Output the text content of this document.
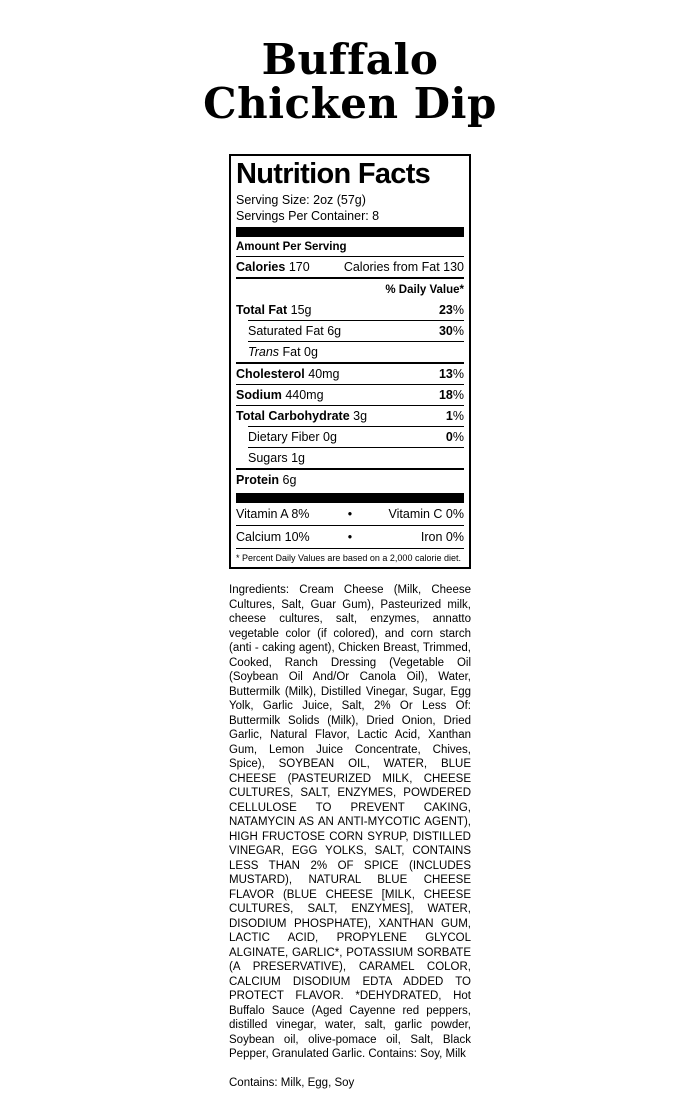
Buffalo
Chicken Dip
Nutrition Facts
Serving Size: 2oz (57g)
Servings Per Container: 8
Amount Per Serving
Calories 170	Calories from Fat 130
% Daily Value*
Total Fat 15g	23%
Saturated Fat 6g	30%
Trans Fat 0g
Cholesterol 40mg	13%
Sodium 440mg	18%
Total Carbohydrate 3g	1%
Dietary Fiber 0g	0%
Sugars 1g
Protein 6g
Vitamin A 8%	•	Vitamin C 0%
Calcium 10%	•	Iron 0%
* Percent Daily Values are based on a 2,000 calorie diet.
Ingredients: Cream Cheese (Milk, Cheese Cultures, Salt, Guar Gum), Pasteurized milk, cheese cultures, salt, enzymes, annatto vegetable color (if colored), and corn starch (anti - caking agent), Chicken Breast, Trimmed, Cooked, Ranch Dressing (Vegetable Oil (Soybean Oil And/Or Canola Oil), Water, Buttermilk (Milk), Distilled Vinegar, Sugar, Egg Yolk, Garlic Juice, Salt, 2% Or Less Of: Buttermilk Solids (Milk), Dried Onion, Dried Garlic, Natural Flavor, Lactic Acid, Xanthan Gum, Lemon Juice Concentrate, Chives, Spice), SOYBEAN OIL, WATER, BLUE CHEESE (PASTEURIZED MILK, CHEESE CULTURES, SALT, ENZYMES, POWDERED CELLULOSE TO PREVENT CAKING, NATAMYCIN AS AN ANTI-MYCOTIC AGENT), HIGH FRUCTOSE CORN SYRUP, DISTILLED VINEGAR, EGG YOLKS, SALT, CONTAINS LESS THAN 2% OF SPICE (INCLUDES MUSTARD), NATURAL BLUE CHEESE FLAVOR (BLUE CHEESE [MILK, CHEESE CULTURES, SALT, ENZYMES], WATER, DISODIUM PHOSPHATE), XANTHAN GUM, LACTIC ACID, PROPYLENE GLYCOL ALGINATE, GARLIC*, POTASSIUM SORBATE (A PRESERVATIVE), CARAMEL COLOR, CALCIUM DISODIUM EDTA ADDED TO PROTECT FLAVOR. *DEHYDRATED, Hot Buffalo Sauce (Aged Cayenne red peppers, distilled vinegar, water, salt, garlic powder, Soybean oil, olive-pomace oil, Salt, Black Pepper, Granulated Garlic. Contains: Soy, Milk
Contains: Milk, Egg, Soy
